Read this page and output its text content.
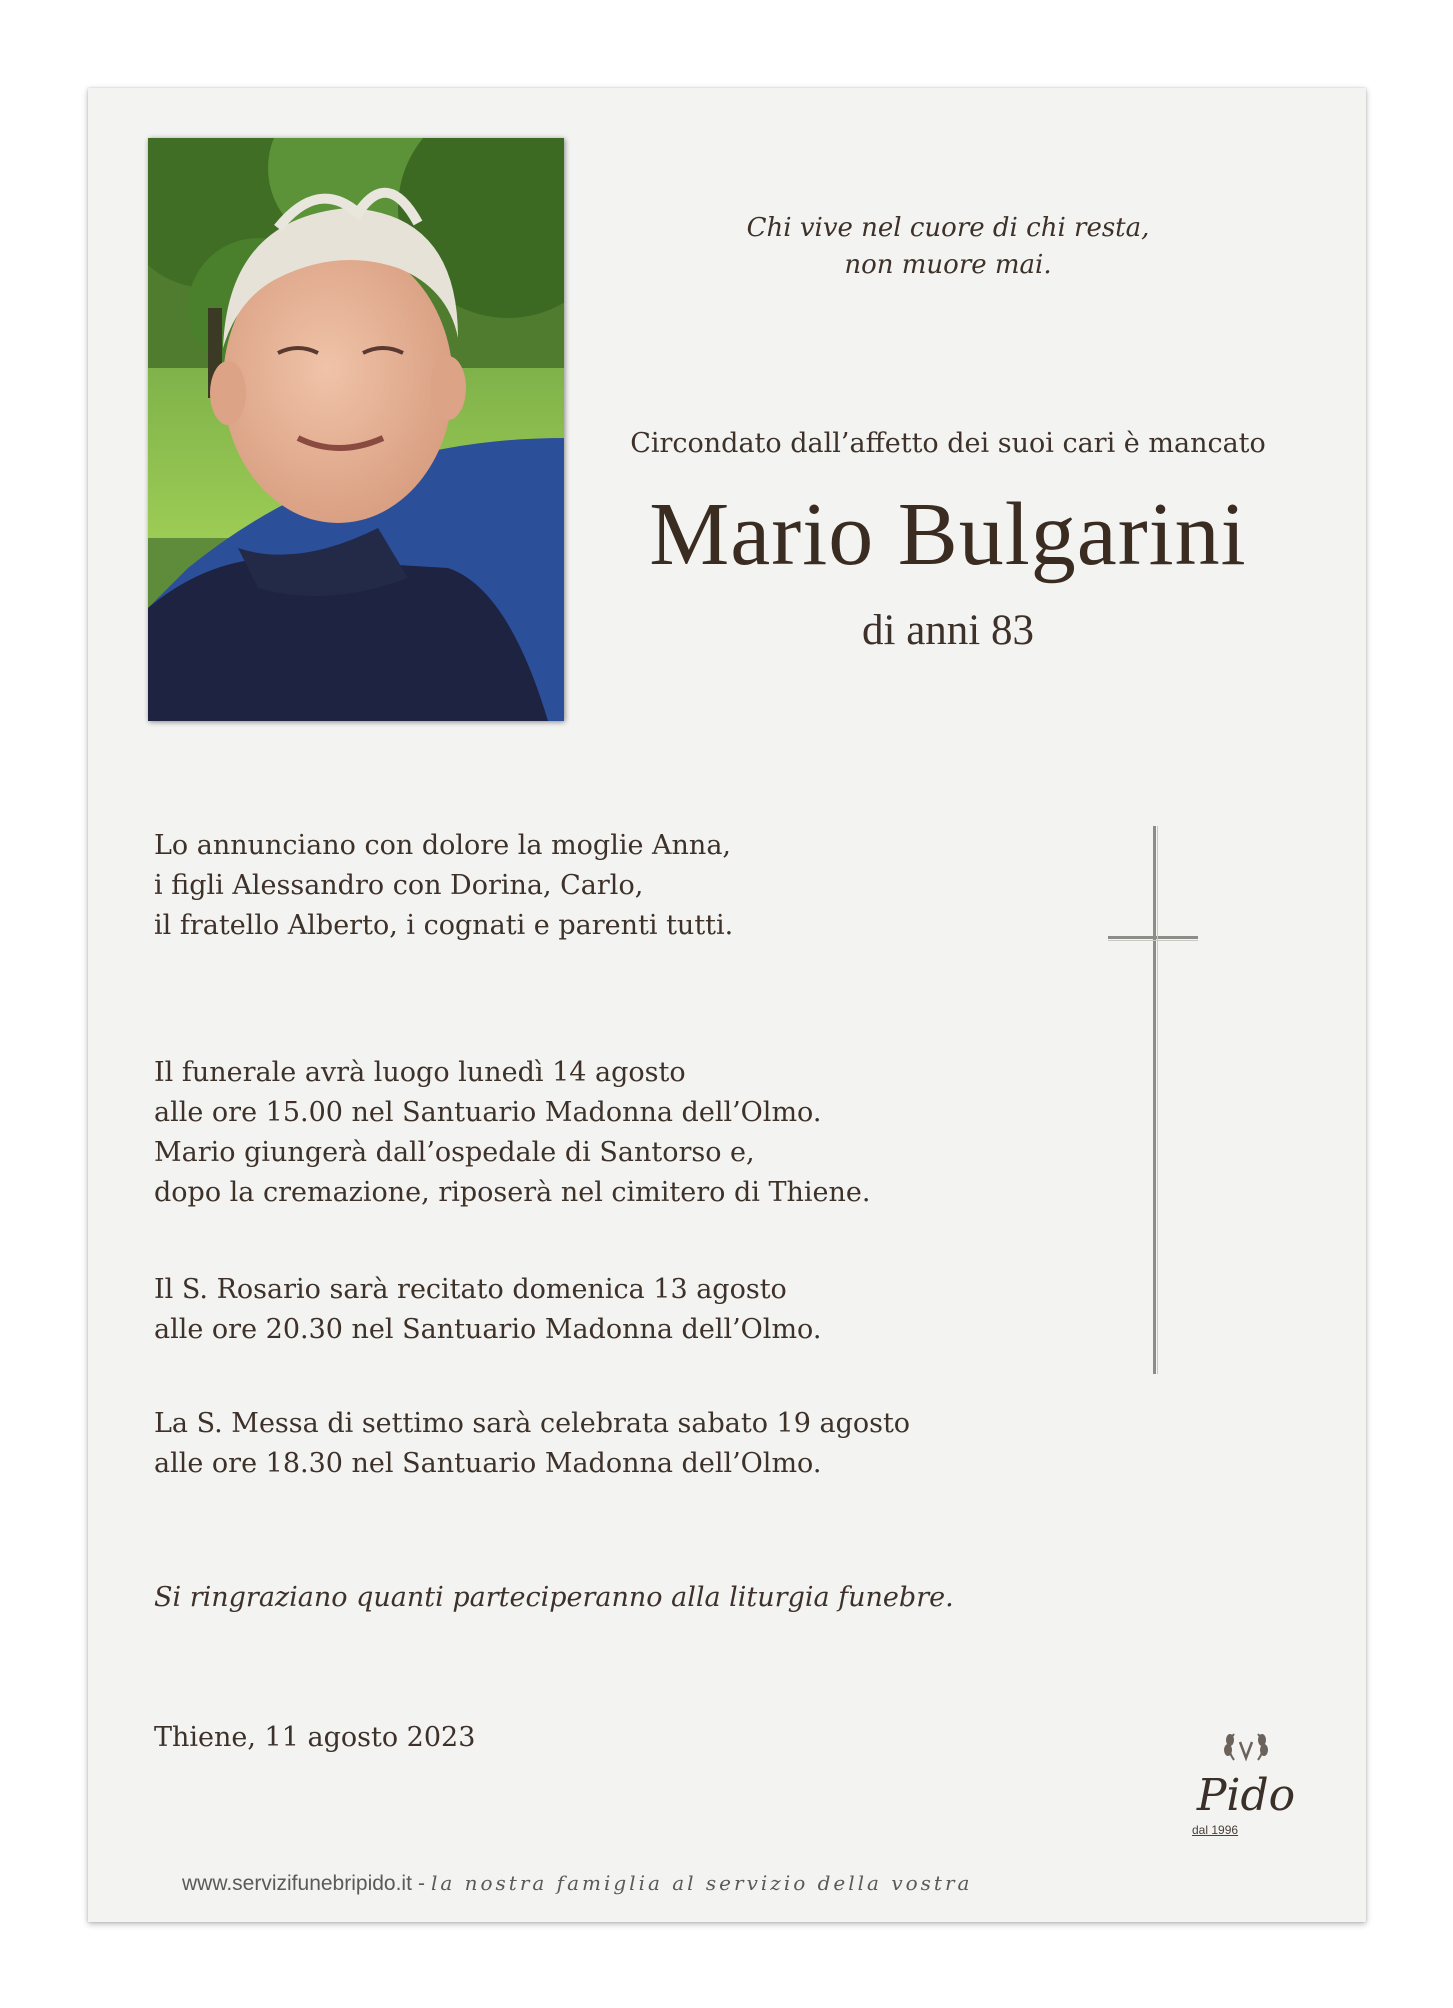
Chi vive nel cuore di chi resta,
non muore mai.
Circondato dall’affetto dei suoi cari è mancato
Mario Bulgarini
di anni 83
Lo annunciano con dolore la moglie Anna,
i figli Alessandro con Dorina, Carlo,
il fratello Alberto, i cognati e parenti tutti.
Il funerale avrà luogo lunedì 14 agosto
alle ore 15.00 nel Santuario Madonna dell’Olmo.
Mario giungerà dall’ospedale di Santorso e,
dopo la cremazione, riposerà nel cimitero di Thiene.
Il S. Rosario sarà recitato domenica 13 agosto
alle ore 20.30 nel Santuario Madonna dell’Olmo.
La S. Messa di settimo sarà celebrata sabato 19 agosto
alle ore 18.30 nel Santuario Madonna dell’Olmo.
Si ringraziano quanti parteciperanno alla liturgia funebre.
Thiene, 11 agosto 2023
Pido
dal 1996
www.servizifunebripido.it - la nostra famiglia al servizio della vostra
